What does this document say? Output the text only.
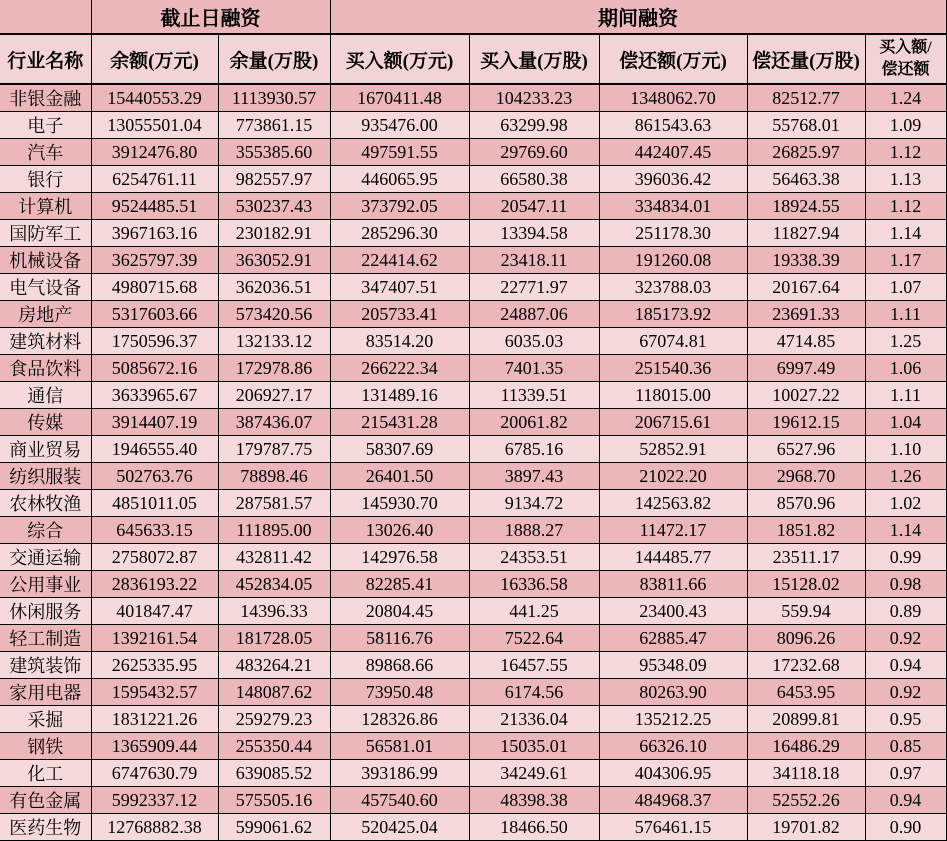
	截止日融资		期间融资				
行业名称	余额(万元)	余量(万股)	买入额(万元)	买入量(万股)	偿还额(万元)	偿还量(万股)	买入额/
偿还额
非银金融	15440553.29	1113930.57	1670411.48	104233.23	1348062.70	82512.77	1.24
电子	13055501.04	773861.15	935476.00	63299.98	861543.63	55768.01	1.09
汽车	3912476.80	355385.60	497591.55	29769.60	442407.45	26825.97	1.12
银行	6254761.11	982557.97	446065.95	66580.38	396036.42	56463.38	1.13
计算机	9524485.51	530237.43	373792.05	20547.11	334834.01	18924.55	1.12
国防军工	3967163.16	230182.91	285296.30	13394.58	251178.30	11827.94	1.14
机械设备	3625797.39	363052.91	224414.62	23418.11	191260.08	19338.39	1.17
电气设备	4980715.68	362036.51	347407.51	22771.97	323788.03	20167.64	1.07
房地产	5317603.66	573420.56	205733.41	24887.06	185173.92	23691.33	1.11
建筑材料	1750596.37	132133.12	83514.20	6035.03	67074.81	4714.85	1.25
食品饮料	5085672.16	172978.86	266222.34	7401.35	251540.36	6997.49	1.06
通信	3633965.67	206927.17	131489.16	11339.51	118015.00	10027.22	1.11
传媒	3914407.19	387436.07	215431.28	20061.82	206715.61	19612.15	1.04
商业贸易	1946555.40	179787.75	58307.69	6785.16	52852.91	6527.96	1.10
纺织服装	502763.76	78898.46	26401.50	3897.43	21022.20	2968.70	1.26
农林牧渔	4851011.05	287581.57	145930.70	9134.72	142563.82	8570.96	1.02
综合	645633.15	111895.00	13026.40	1888.27	11472.17	1851.82	1.14
交通运输	2758072.87	432811.42	142976.58	24353.51	144485.77	23511.17	0.99
公用事业	2836193.22	452834.05	82285.41	16336.58	83811.66	15128.02	0.98
休闲服务	401847.47	14396.33	20804.45	441.25	23400.43	559.94	0.89
轻工制造	1392161.54	181728.05	58116.76	7522.64	62885.47	8096.26	0.92
建筑装饰	2625335.95	483264.21	89868.66	16457.55	95348.09	17232.68	0.94
家用电器	1595432.57	148087.62	73950.48	6174.56	80263.90	6453.95	0.92
采掘	1831221.26	259279.23	128326.86	21336.04	135212.25	20899.81	0.95
钢铁	1365909.44	255350.44	56581.01	15035.01	66326.10	16486.29	0.85
化工	6747630.79	639085.52	393186.99	34249.61	404306.95	34118.18	0.97
有色金属	5992337.12	575505.16	457540.60	48398.38	484968.37	52552.26	0.94
医药生物	12768882.38	599061.62	520425.04	18466.50	576461.15	19701.82	0.90
